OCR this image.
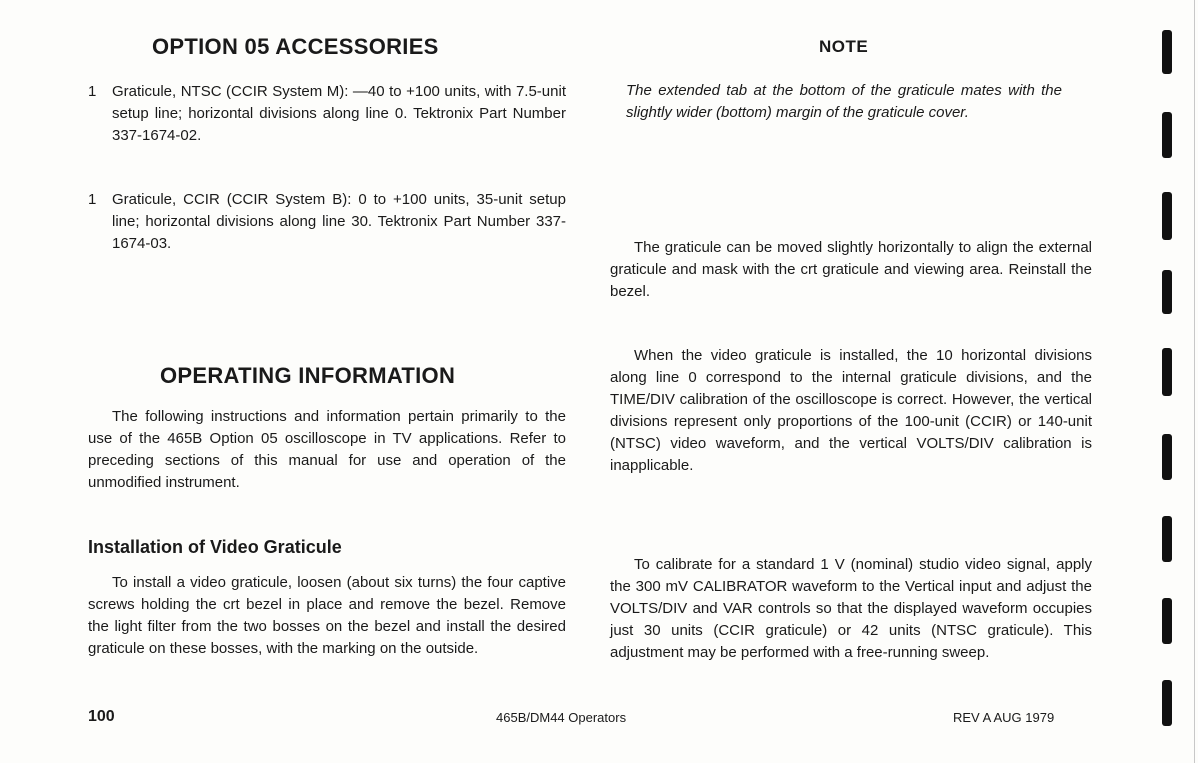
OPTION 05 ACCESSORIES
1 Graticule, NTSC (CCIR System M): —40 to +100 units, with 7.5-unit setup line; horizontal divisions along line 0. Tektronix Part Number 337-1674-02.
1 Graticule, CCIR (CCIR System B): 0 to +100 units, 35-unit setup line; horizontal divisions along line 30. Tektronix Part Number 337-1674-03.
OPERATING INFORMATION

The following instructions and information pertain primarily to the use of the 465B Option 05 oscilloscope in TV applications. Refer to preceding sections of this manual for use and operation of the unmodified instrument.

Installation of Video Graticule

To install a video graticule, loosen (about six turns) the four captive screws holding the crt bezel in place and remove the bezel. Remove the light filter from the two bosses on the bezel and install the desired graticule on these bosses, with the marking on the outside.

NOTE

The extended tab at the bottom of the graticule mates with the slightly wider (bottom) margin of the graticule cover.

The graticule can be moved slightly horizontally to align the external graticule and mask with the crt graticule and viewing area. Reinstall the bezel.

When the video graticule is installed, the 10 horizontal divisions along line 0 correspond to the internal graticule divisions, and the TIME/DIV calibration of the oscilloscope is correct. However, the vertical divisions represent only proportions of the 100-unit (CCIR) or 140-unit (NTSC) video waveform, and the vertical VOLTS/DIV calibration is inapplicable.

To calibrate for a standard 1 V (nominal) studio video signal, apply the 300 mV CALIBRATOR waveform to the Vertical input and adjust the VOLTS/DIV and VAR controls so that the displayed waveform occupies just 30 units (CCIR graticule) or 42 units (NTSC graticule). This adjustment may be performed with a free-running sweep.

100	465B/DM44 Operators	REV A AUG 1979
